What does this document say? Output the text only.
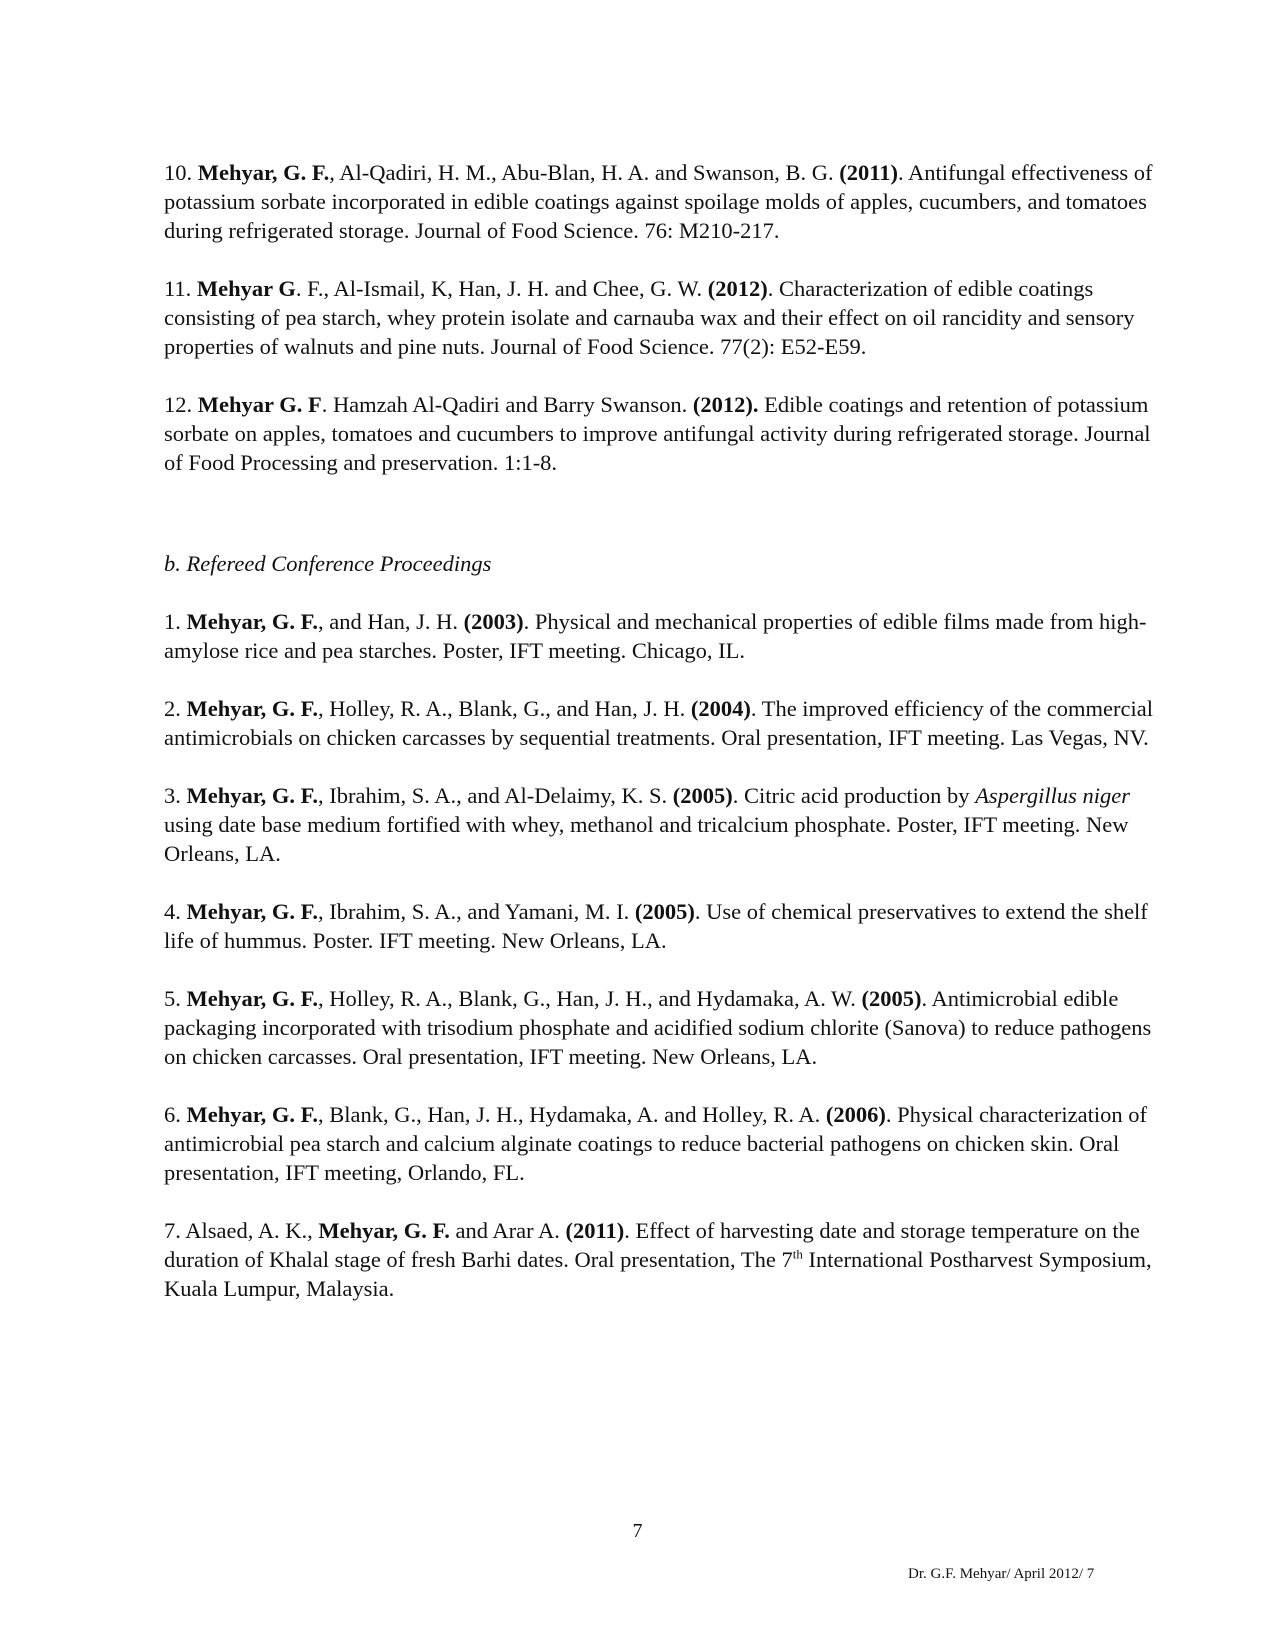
10. Mehyar, G. F., Al-Qadiri, H. M., Abu-Blan, H. A. and Swanson, B. G. (2011). Antifungal effectiveness of potassium sorbate incorporated in edible coatings against spoilage molds of apples, cucumbers, and tomatoes during refrigerated storage. Journal of Food Science. 76: M210-217.

11. Mehyar G. F., Al-Ismail, K, Han, J. H. and Chee, G. W. (2012). Characterization of edible coatings consisting of pea starch, whey protein isolate and carnauba wax and their effect on oil rancidity and sensory properties of walnuts and pine nuts. Journal of Food Science. 77(2): E52-E59.

12. Mehyar G. F. Hamzah Al-Qadiri and Barry Swanson. (2012). Edible coatings and retention of potassium sorbate on apples, tomatoes and cucumbers to improve antifungal activity during refrigerated storage. Journal of Food Processing and preservation. 1:1-8.

b. Refereed Conference Proceedings

1. Mehyar, G. F., and Han, J. H. (2003). Physical and mechanical properties of edible films made from high-amylose rice and pea starches. Poster, IFT meeting. Chicago, IL.

2. Mehyar, G. F., Holley, R. A., Blank, G., and Han, J. H. (2004). The improved efficiency of the commercial antimicrobials on chicken carcasses by sequential treatments. Oral presentation, IFT meeting. Las Vegas, NV.

3. Mehyar, G. F., Ibrahim, S. A., and Al-Delaimy, K. S. (2005). Citric acid production by Aspergillus niger using date base medium fortified with whey, methanol and tricalcium phosphate. Poster, IFT meeting. New Orleans, LA.

4. Mehyar, G. F., Ibrahim, S. A., and Yamani, M. I. (2005). Use of chemical preservatives to extend the shelf life of hummus. Poster. IFT meeting. New Orleans, LA.

5. Mehyar, G. F., Holley, R. A., Blank, G., Han, J. H., and Hydamaka, A. W. (2005). Antimicrobial edible packaging incorporated with trisodium phosphate and acidified sodium chlorite (Sanova) to reduce pathogens on chicken carcasses. Oral presentation, IFT meeting. New Orleans, LA.

6. Mehyar, G. F., Blank, G., Han, J. H., Hydamaka, A. and Holley, R. A. (2006). Physical characterization of antimicrobial pea starch and calcium alginate coatings to reduce bacterial pathogens on chicken skin. Oral presentation, IFT meeting, Orlando, FL.

7. Alsaed, A. K., Mehyar, G. F. and Arar A. (2011). Effect of harvesting date and storage temperature on the duration of Khalal stage of fresh Barhi dates. Oral presentation, The 7th International Postharvest Symposium, Kuala Lumpur, Malaysia.

7
Dr. G.F. Mehyar/ April 2012/ 7
